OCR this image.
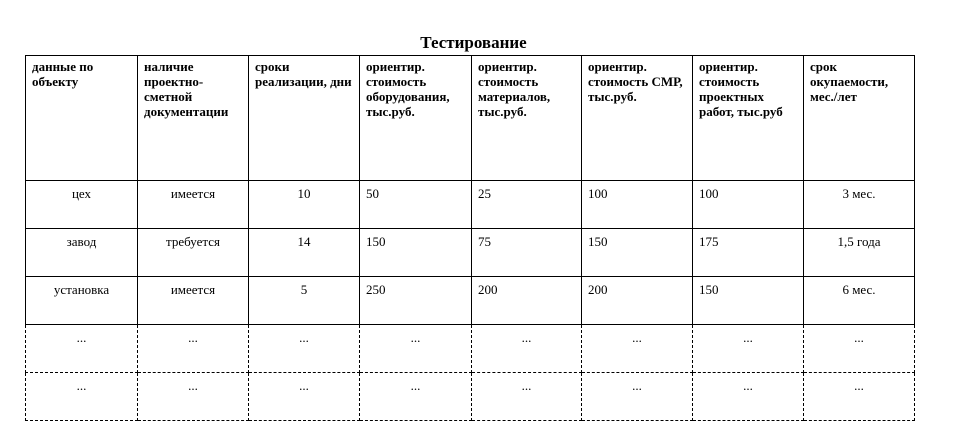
Тестирование
данные по объекту	наличие проектно-сметной документации	сроки реализации, дни	ориентир. стоимость оборудования, тыс.руб.	ориентир. стоимость материалов, тыс.руб.	ориентир. стоимость СМР, тыс.руб.	ориентир. стоимость проектных работ, тыс.руб	срок окупаемости, мес./лет
цех	имеется	10	50	25	100	100	3 мес.
завод	требуется	14	150	75	150	175	1,5 года
установка	имеется	5	250	200	200	150	6 мес.
...	...	...	...	...	...	...	...
...	...	...	...	...	...	...	...
